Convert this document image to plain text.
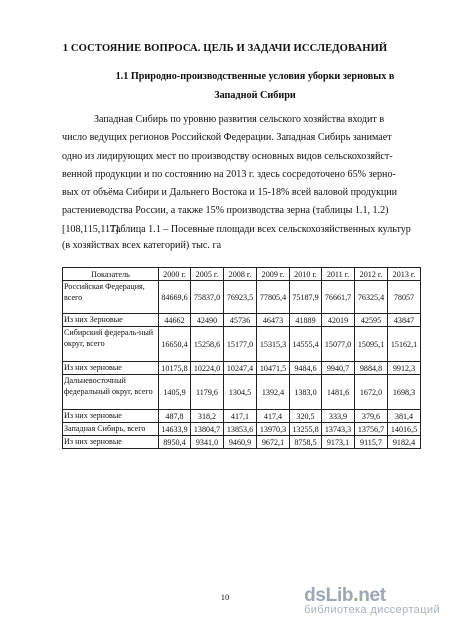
1 СОСТОЯНИЕ ВОПРОСА. ЦЕЛЬ И ЗАДАЧИ ИССЛЕДОВАНИЙ
1.1 Природно-производственные условия уборки зерновых в
Западной Сибири
Западная Сибирь по уровню развития сельского хозяйства входит в
число ведущих регионов Российской Федерации. Западная Сибирь занимает
одно из лидирующих мест по производству основных видов сельскохозяйст-
венной продукции и по состоянию на 2013 г. здесь сосредоточено 65% зерно-
вых от объёма Сибири и Дальнего Востока и 15-18% всей валовой продукции
растениеводства России, а также 15% производства зерна (таблицы 1.1, 1.2)
[108,115,117].
Таблица 1.1 – Посевные площади всех сельскохозяйственных культур
(в хозяйствах всех категорий) тыс. га
Показатель	2000 г.	2005 г.	2008 г.	2009 г.	2010 г.	2011 г.	2012 г.	2013 г.
Российская Федерация, всего	84669,6	75837,0	76923,5	77805,4	75187,9	76661,7	76325,4	78057
Из них Зерновые	44662	42490	45736	46473	41889	42019	42595	43847
Сибирский федераль-ный округ, всего	16650,4	15258,6	15177,0	15315,3	14555,4	15077,0	15095,1	15162,1
Из них зерновые	10175,8	10224,0	10247,4	10471,5	9484,6	9940,7	9884,8	9912,3
Дальневосточный федеральный округ, всего	1405,9	1179,6	1304,5	1392,4	1383,0	1481,6	1672,0	1698,3
Из них зерновые	487,8	318,2	417,1	417,4	320,5	333,9	379,6	381,4
Западная Сибирь, всего	14633,9	13804,7	13853,6	13970,3	13255,8	13743,3	13756,7	14016,5
Из них зерновые	8950,4	9341,0	9460,9	9672,1	8758,5	9173,1	9115,7	9182,4
10	dsLib.net
библиотека диссертаций
